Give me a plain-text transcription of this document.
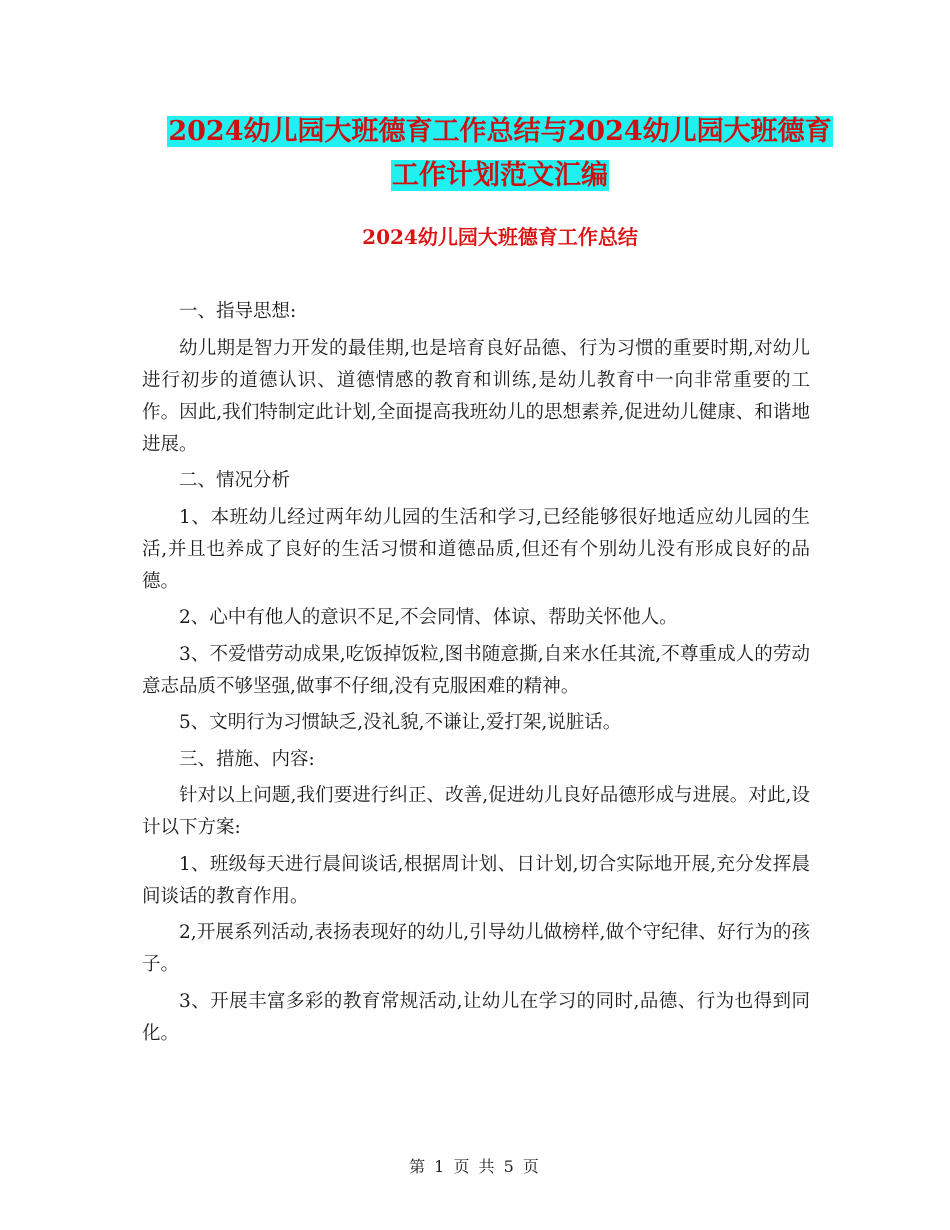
2024幼儿园大班德育工作总结与2024幼儿园大班德育
工作计划范文汇编
2024幼儿园大班德育工作总结

一、指导思想:

幼儿期是智力开发的最佳期,也是培育良好品德、行为习惯的重要时期,对幼儿进行初步的道德认识、道德情感的教育和训练,是幼儿教育中一向非常重要的工作。因此,我们特制定此计划,全面提高我班幼儿的思想素养,促进幼儿健康、和谐地进展。

二、情况分析

1、本班幼儿经过两年幼儿园的生活和学习,已经能够很好地适应幼儿园的生活,并且也养成了良好的生活习惯和道德品质,但还有个别幼儿没有形成良好的品德。

2、心中有他人的意识不足,不会同情、体谅、帮助关怀他人。

3、不爱惜劳动成果,吃饭掉饭粒,图书随意撕,自来水任其流,不尊重成人的劳动意志品质不够坚强,做事不仔细,没有克服困难的精神。

5、文明行为习惯缺乏,没礼貌,不谦让,爱打架,说脏话。

三、措施、内容:

针对以上问题,我们要进行纠正、改善,促进幼儿良好品德形成与进展。对此,设计以下方案:

1、班级每天进行晨间谈话,根据周计划、日计划,切合实际地开展,充分发挥晨间谈话的教育作用。

2,开展系列活动,表扬表现好的幼儿,引导幼儿做榜样,做个守纪律、好行为的孩子。

3、开展丰富多彩的教育常规活动,让幼儿在学习的同时,品德、行为也得到同化。

第 1 页 共 5 页
